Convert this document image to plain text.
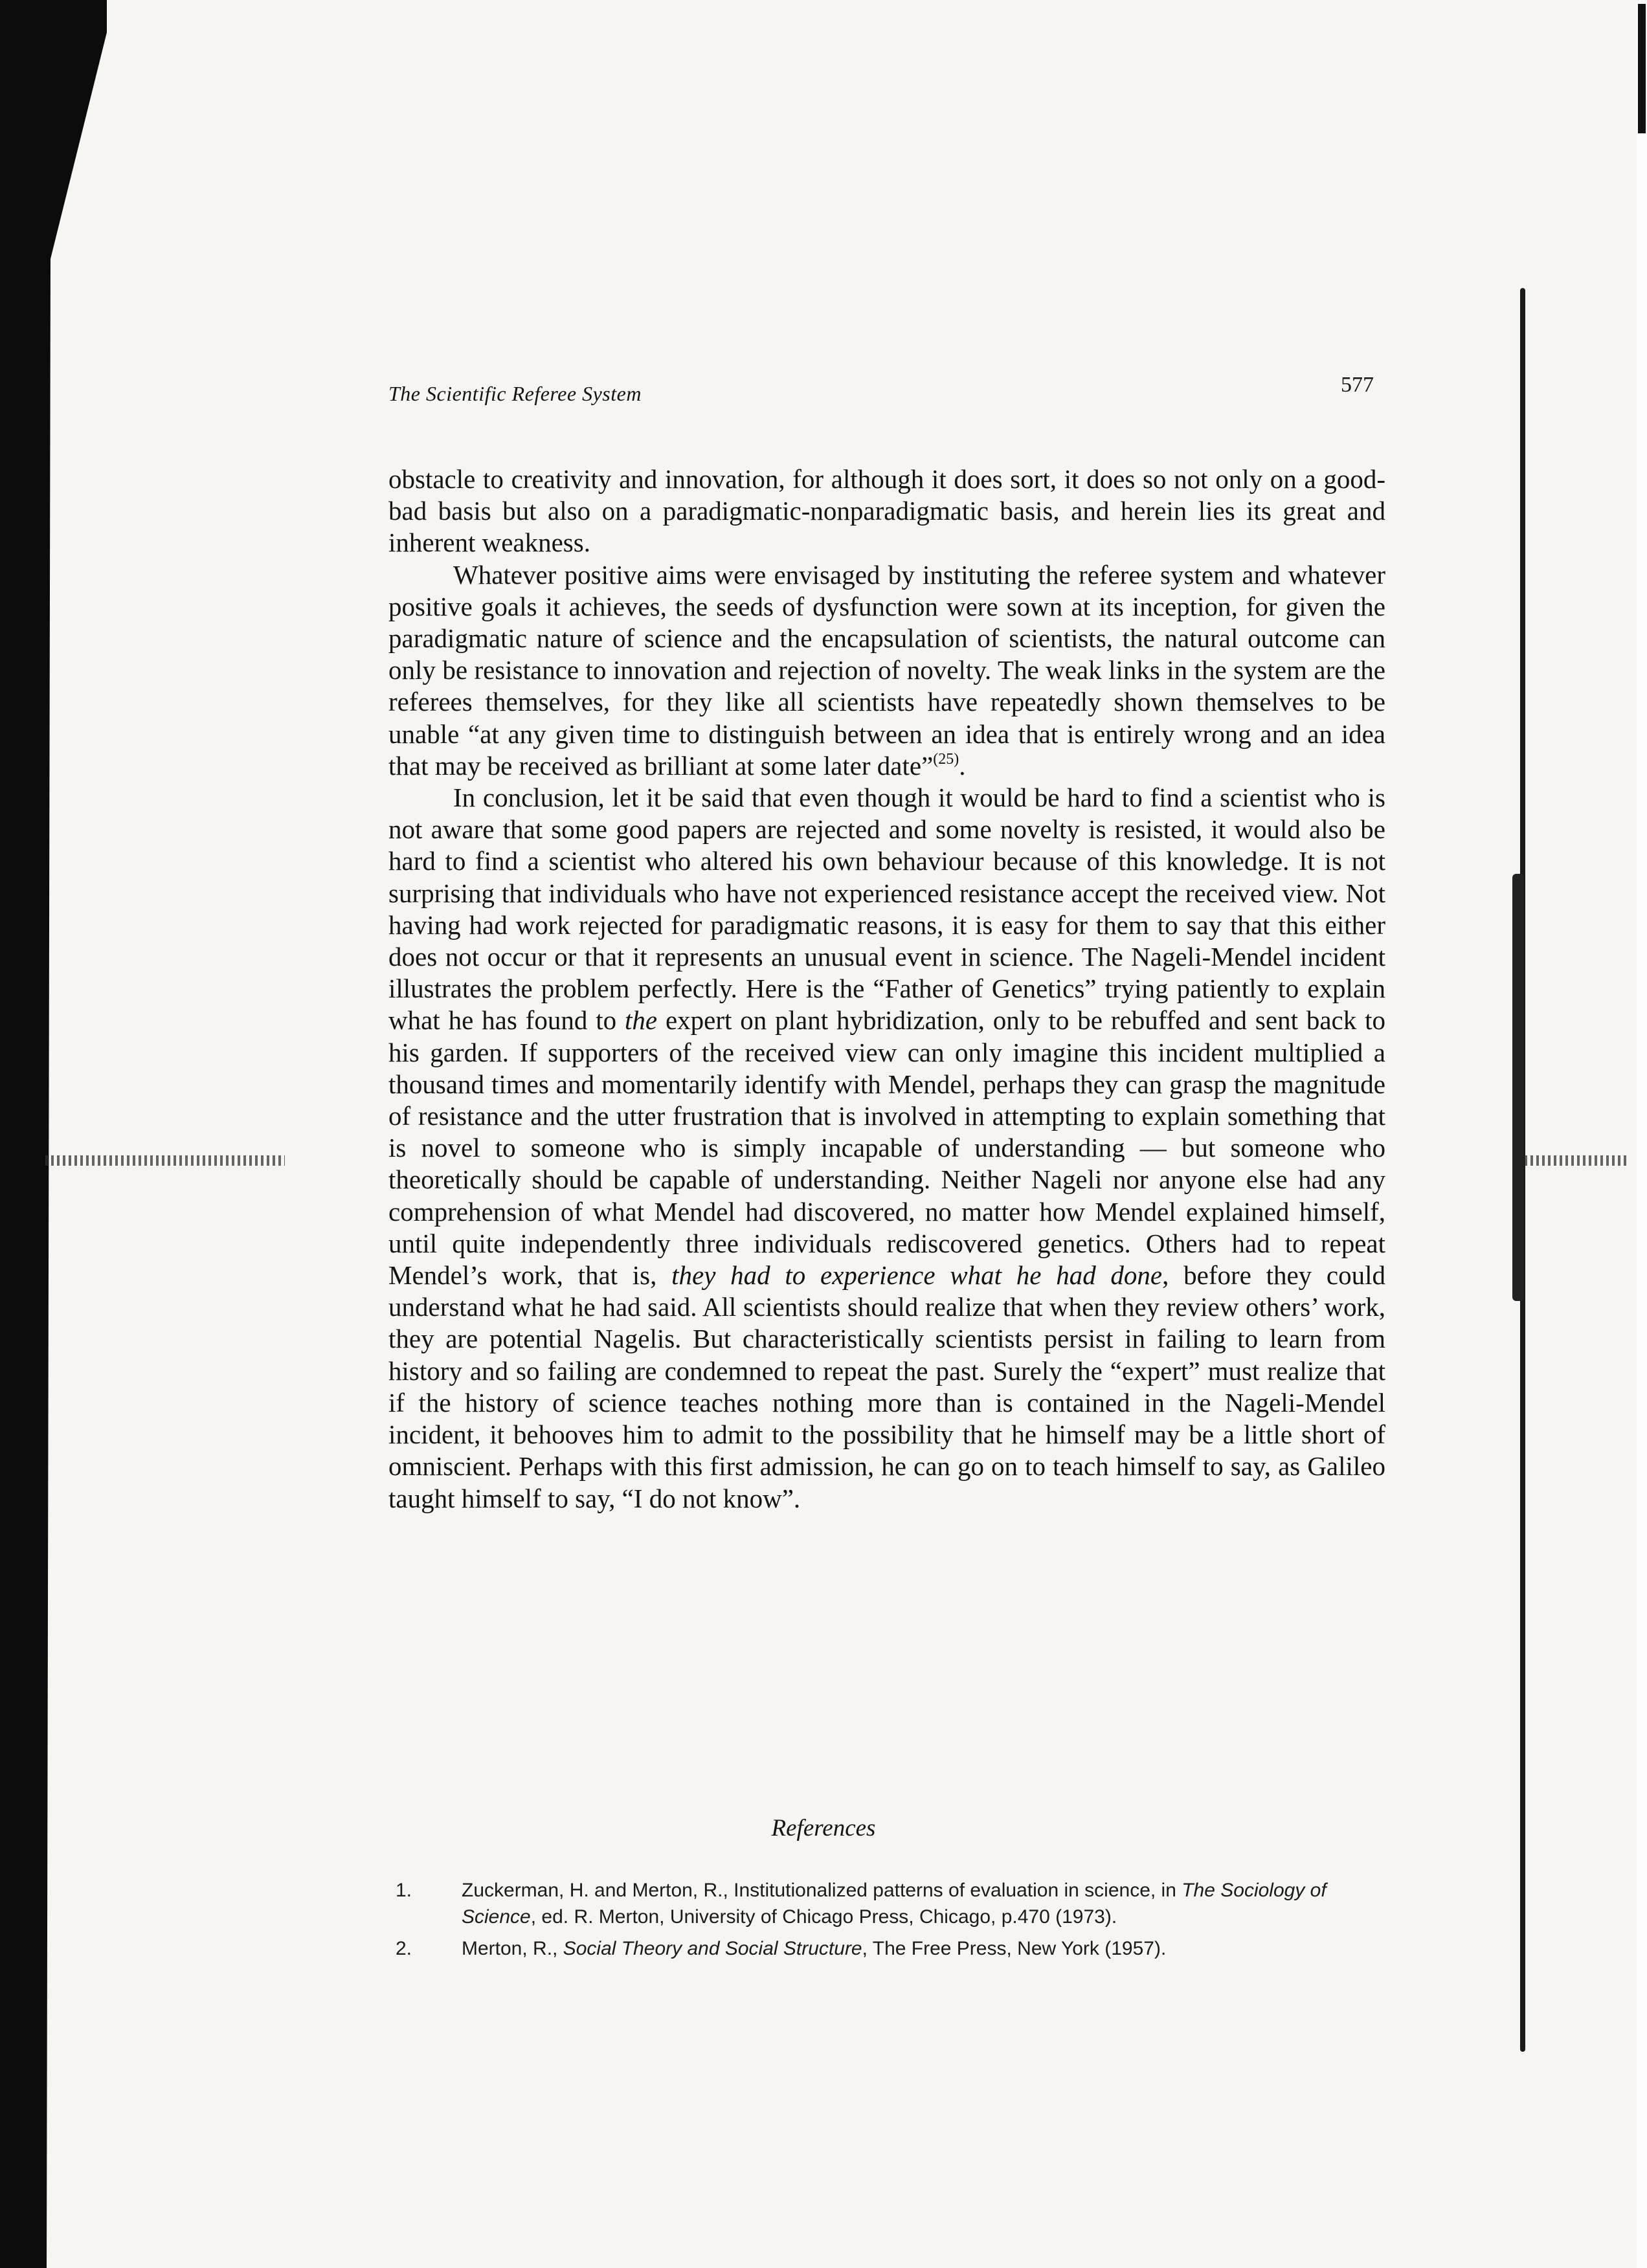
The Scientific Referee System	577

obstacle to creativity and innovation, for although it does sort, it does so not only on a good-bad basis but also on a paradigmatic-nonparadigmatic basis, and herein lies its great and inherent weakness.

Whatever positive aims were envisaged by instituting the referee system and whatever positive goals it achieves, the seeds of dysfunction were sown at its inception, for given the paradigmatic nature of science and the encapsulation of scientists, the natural outcome can only be resistance to innovation and rejection of novelty. The weak links in the system are the referees themselves, for they like all scientists have repeatedly shown themselves to be unable “at any given time to distinguish between an idea that is entirely wrong and an idea that may be received as brilliant at some later date”$^{(25)}$.

In conclusion, let it be said that even though it would be hard to find a scientist who is not aware that some good papers are rejected and some novelty is resisted, it would also be hard to find a scientist who altered his own behaviour because of this knowledge. It is not surprising that individuals who have not experienced resistance accept the received view. Not having had work rejected for paradigmatic reasons, it is easy for them to say that this either does not occur or that it represents an unusual event in science. The Nageli-Mendel incident illustrates the problem perfectly. Here is the “Father of Genetics” trying patiently to explain what he has found to the expert on plant hybridization, only to be rebuffed and sent back to his garden. If supporters of the received view can only imagine this incident multiplied a thousand times and momentarily identify with Mendel, perhaps they can grasp the magnitude of resistance and the utter frustration that is involved in attempting to explain something that is novel to someone who is simply incapable of understanding — but someone who theoretically should be capable of understanding. Neither Nageli nor anyone else had any comprehension of what Mendel had discovered, no matter how Mendel explained himself, until quite independently three individuals rediscovered genetics. Others had to repeat Mendel’s work, that is, they had to experience what he had done, before they could understand what he had said. All scientists should realize that when they review others’ work, they are potential Nagelis. But characteristically scientists persist in failing to learn from history and so failing are condemned to repeat the past. Surely the “expert” must realize that if the history of science teaches nothing more than is contained in the Nageli-Mendel incident, it behooves him to admit to the possibility that he himself may be a little short of omniscient. Perhaps with this first admission, he can go on to teach himself to say, as Galileo taught himself to say, “I do not know”.

References
1.	Zuckerman, H. and Merton, R., Institutionalized patterns of evaluation in science, in The Sociology of Science, ed. R. Merton, University of Chicago Press, Chicago, p.470 (1973).
2.	Merton, R., Social Theory and Social Structure, The Free Press, New York (1957).
